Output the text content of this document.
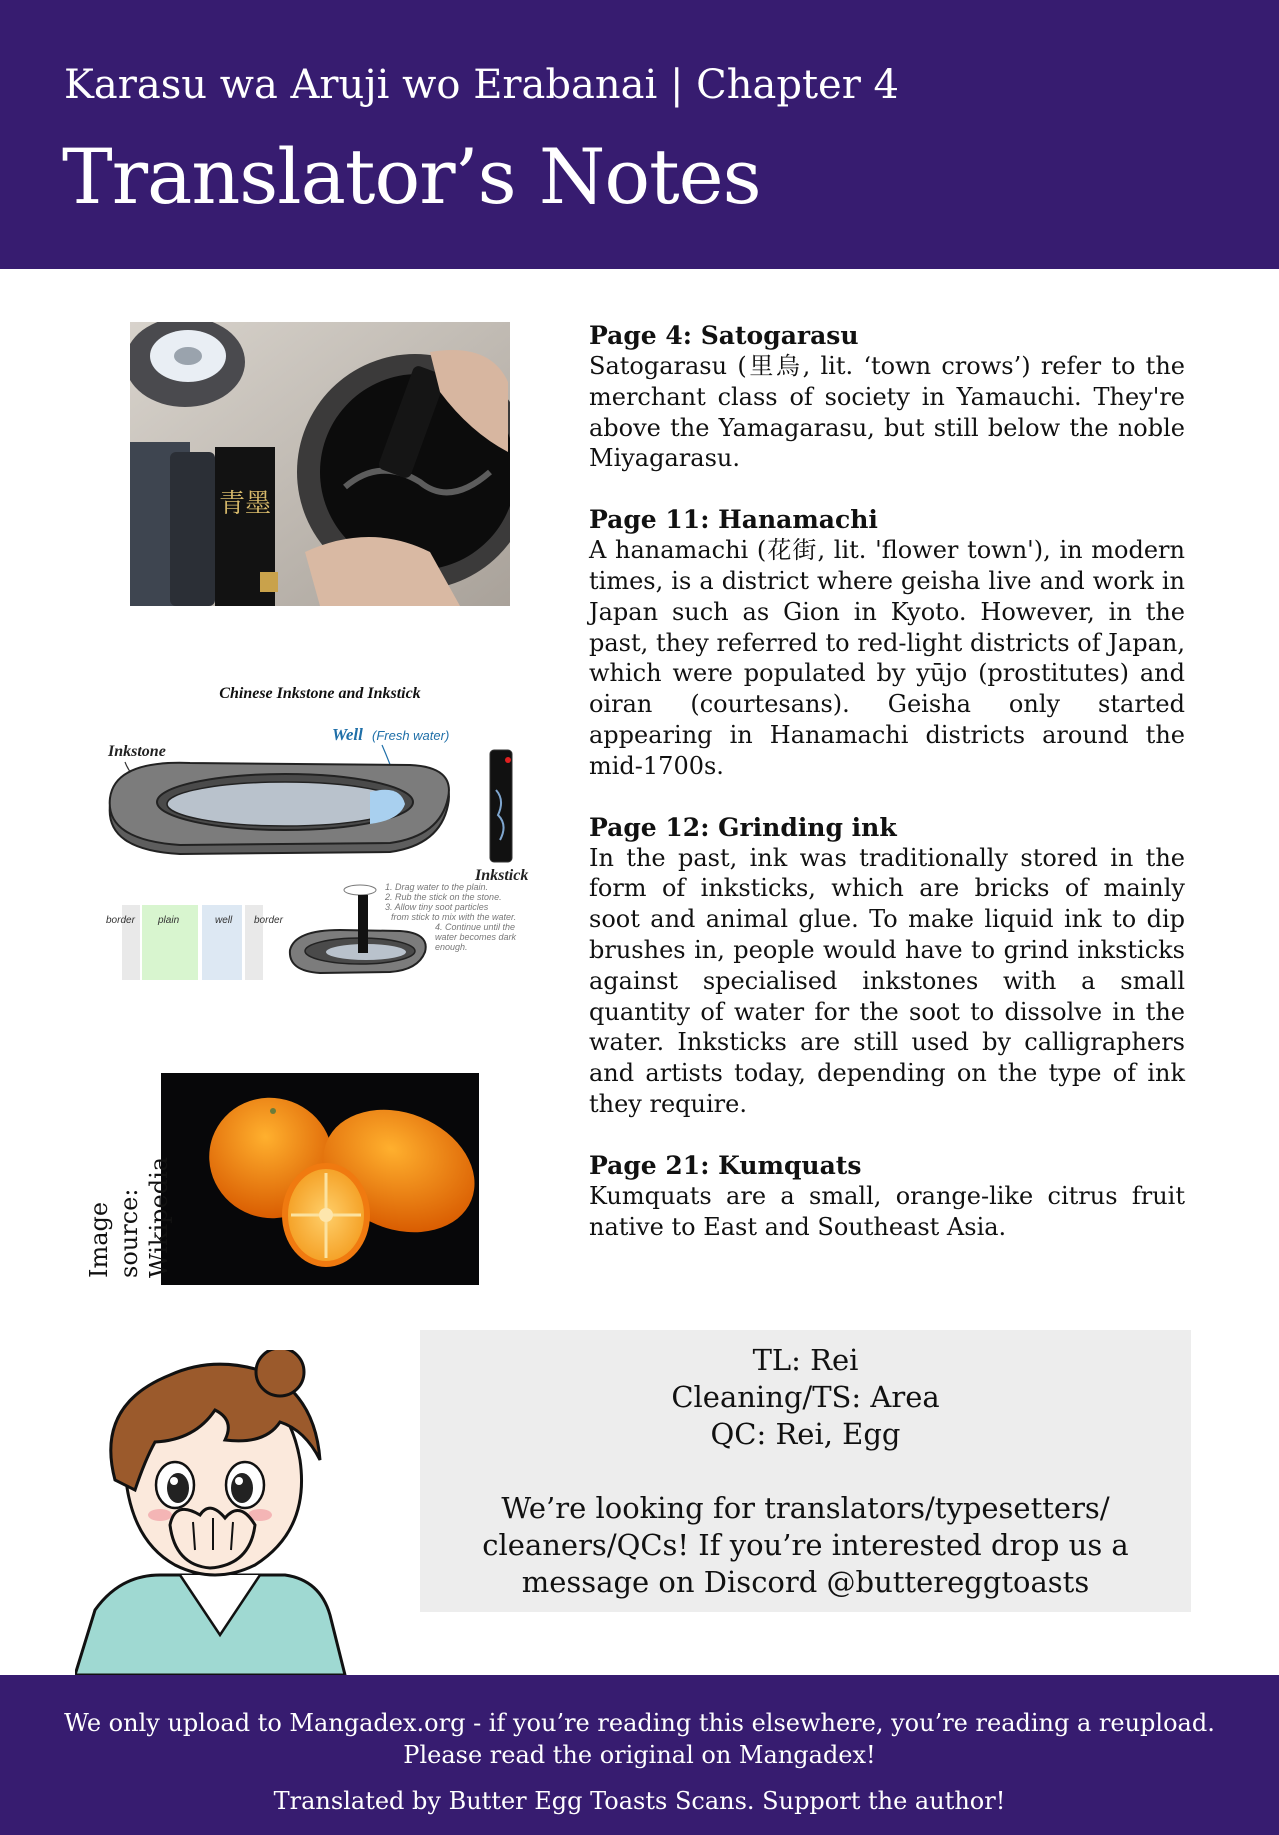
Karasu wa Aruji wo Erabanai | Chapter 4
Translator’s Notes
青墨
Chinese Inkstone and Inkstick
Inkstone
Well (Fresh water)
Inkstick
border plain	well border
1. Drag water to the plain.
2. Rub the stick on the stone.
3. Allow tiny soot particles
from stick to mix with the water.
4. Continue until the
water becomes dark
enough.
Image source: Wikipedia
Page 4: Satogarasu

Satogarasu (里烏, lit. ‘town crows’) refer to the merchant class of society in Yamauchi. They're above the Yamagarasu, but still below the noble Miyagarasu.

Page 11: Hanamachi

A hanamachi (花街, lit. 'flower town'), in modern times, is a district where geisha live and work in Japan such as Gion in Kyoto. However, in the past, they referred to red-light districts of Japan, which were populated by yūjo (prostitutes) and oiran (courtesans). Geisha only started appearing in Hanamachi districts around the mid-1700s.

Page 12: Grinding ink

In the past, ink was traditionally stored in the form of inksticks, which are bricks of mainly soot and animal glue. To make liquid ink to dip brushes in, people would have to grind inksticks against specialised inkstones with a small quantity of water for the soot to dissolve in the water. Inksticks are still used by calligraphers and artists today, depending on the type of ink they require.

Page 21: Kumquats

Kumquats are a small, orange-like citrus fruit native to East and Southeast Asia.

TL: Rei
Cleaning/TS: Area
QC: Rei, Egg
We’re looking for translators/typesetters/
cleaners/QCs! If you’re interested drop us a
message on Discord @buttereggtoasts
We only upload to Mangadex.org - if you’re reading this elsewhere, you’re reading a reupload.
Please read the original on Mangadex!
Translated by Butter Egg Toasts Scans. Support the author!
